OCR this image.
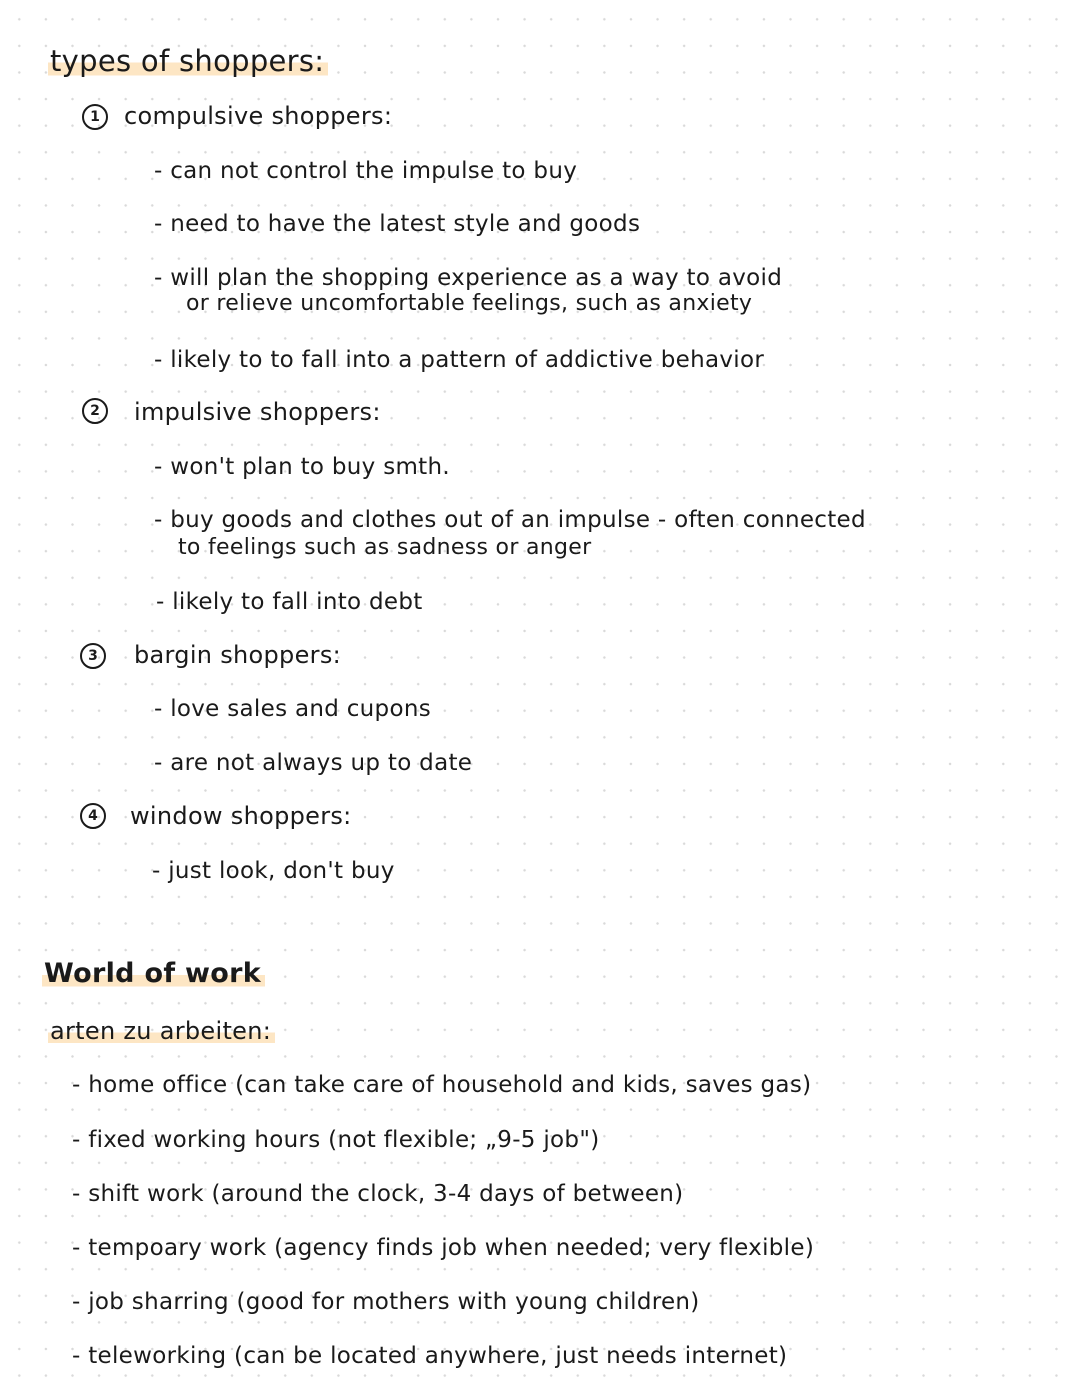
types of shoppers:
1	compulsive shoppers:
- can not control the impulse to buy
- need to have the latest style and goods
- will plan the shopping experience as a way to avoid
or relieve uncomfortable feelings, such as anxiety
- likely to to fall into a pattern of addictive behavior
2	impulsive shoppers:
- won't plan to buy smth.
- buy goods and clothes out of an impulse - often connected
to feelings such as sadness or anger
- likely to fall into debt
3	bargin shoppers:
- love sales and cupons
- are not always up to date
4	window shoppers:
- just look, don't buy
World of work
arten zu arbeiten:
- home office (can take care of household and kids, saves gas)
- fixed working hours (not flexible; „9-5 job")
- shift work (around the clock, 3-4 days of between)
- tempoary work (agency finds job when needed; very flexible)
- job sharring (good for mothers with young children)
- teleworking (can be located anywhere, just needs internet)
